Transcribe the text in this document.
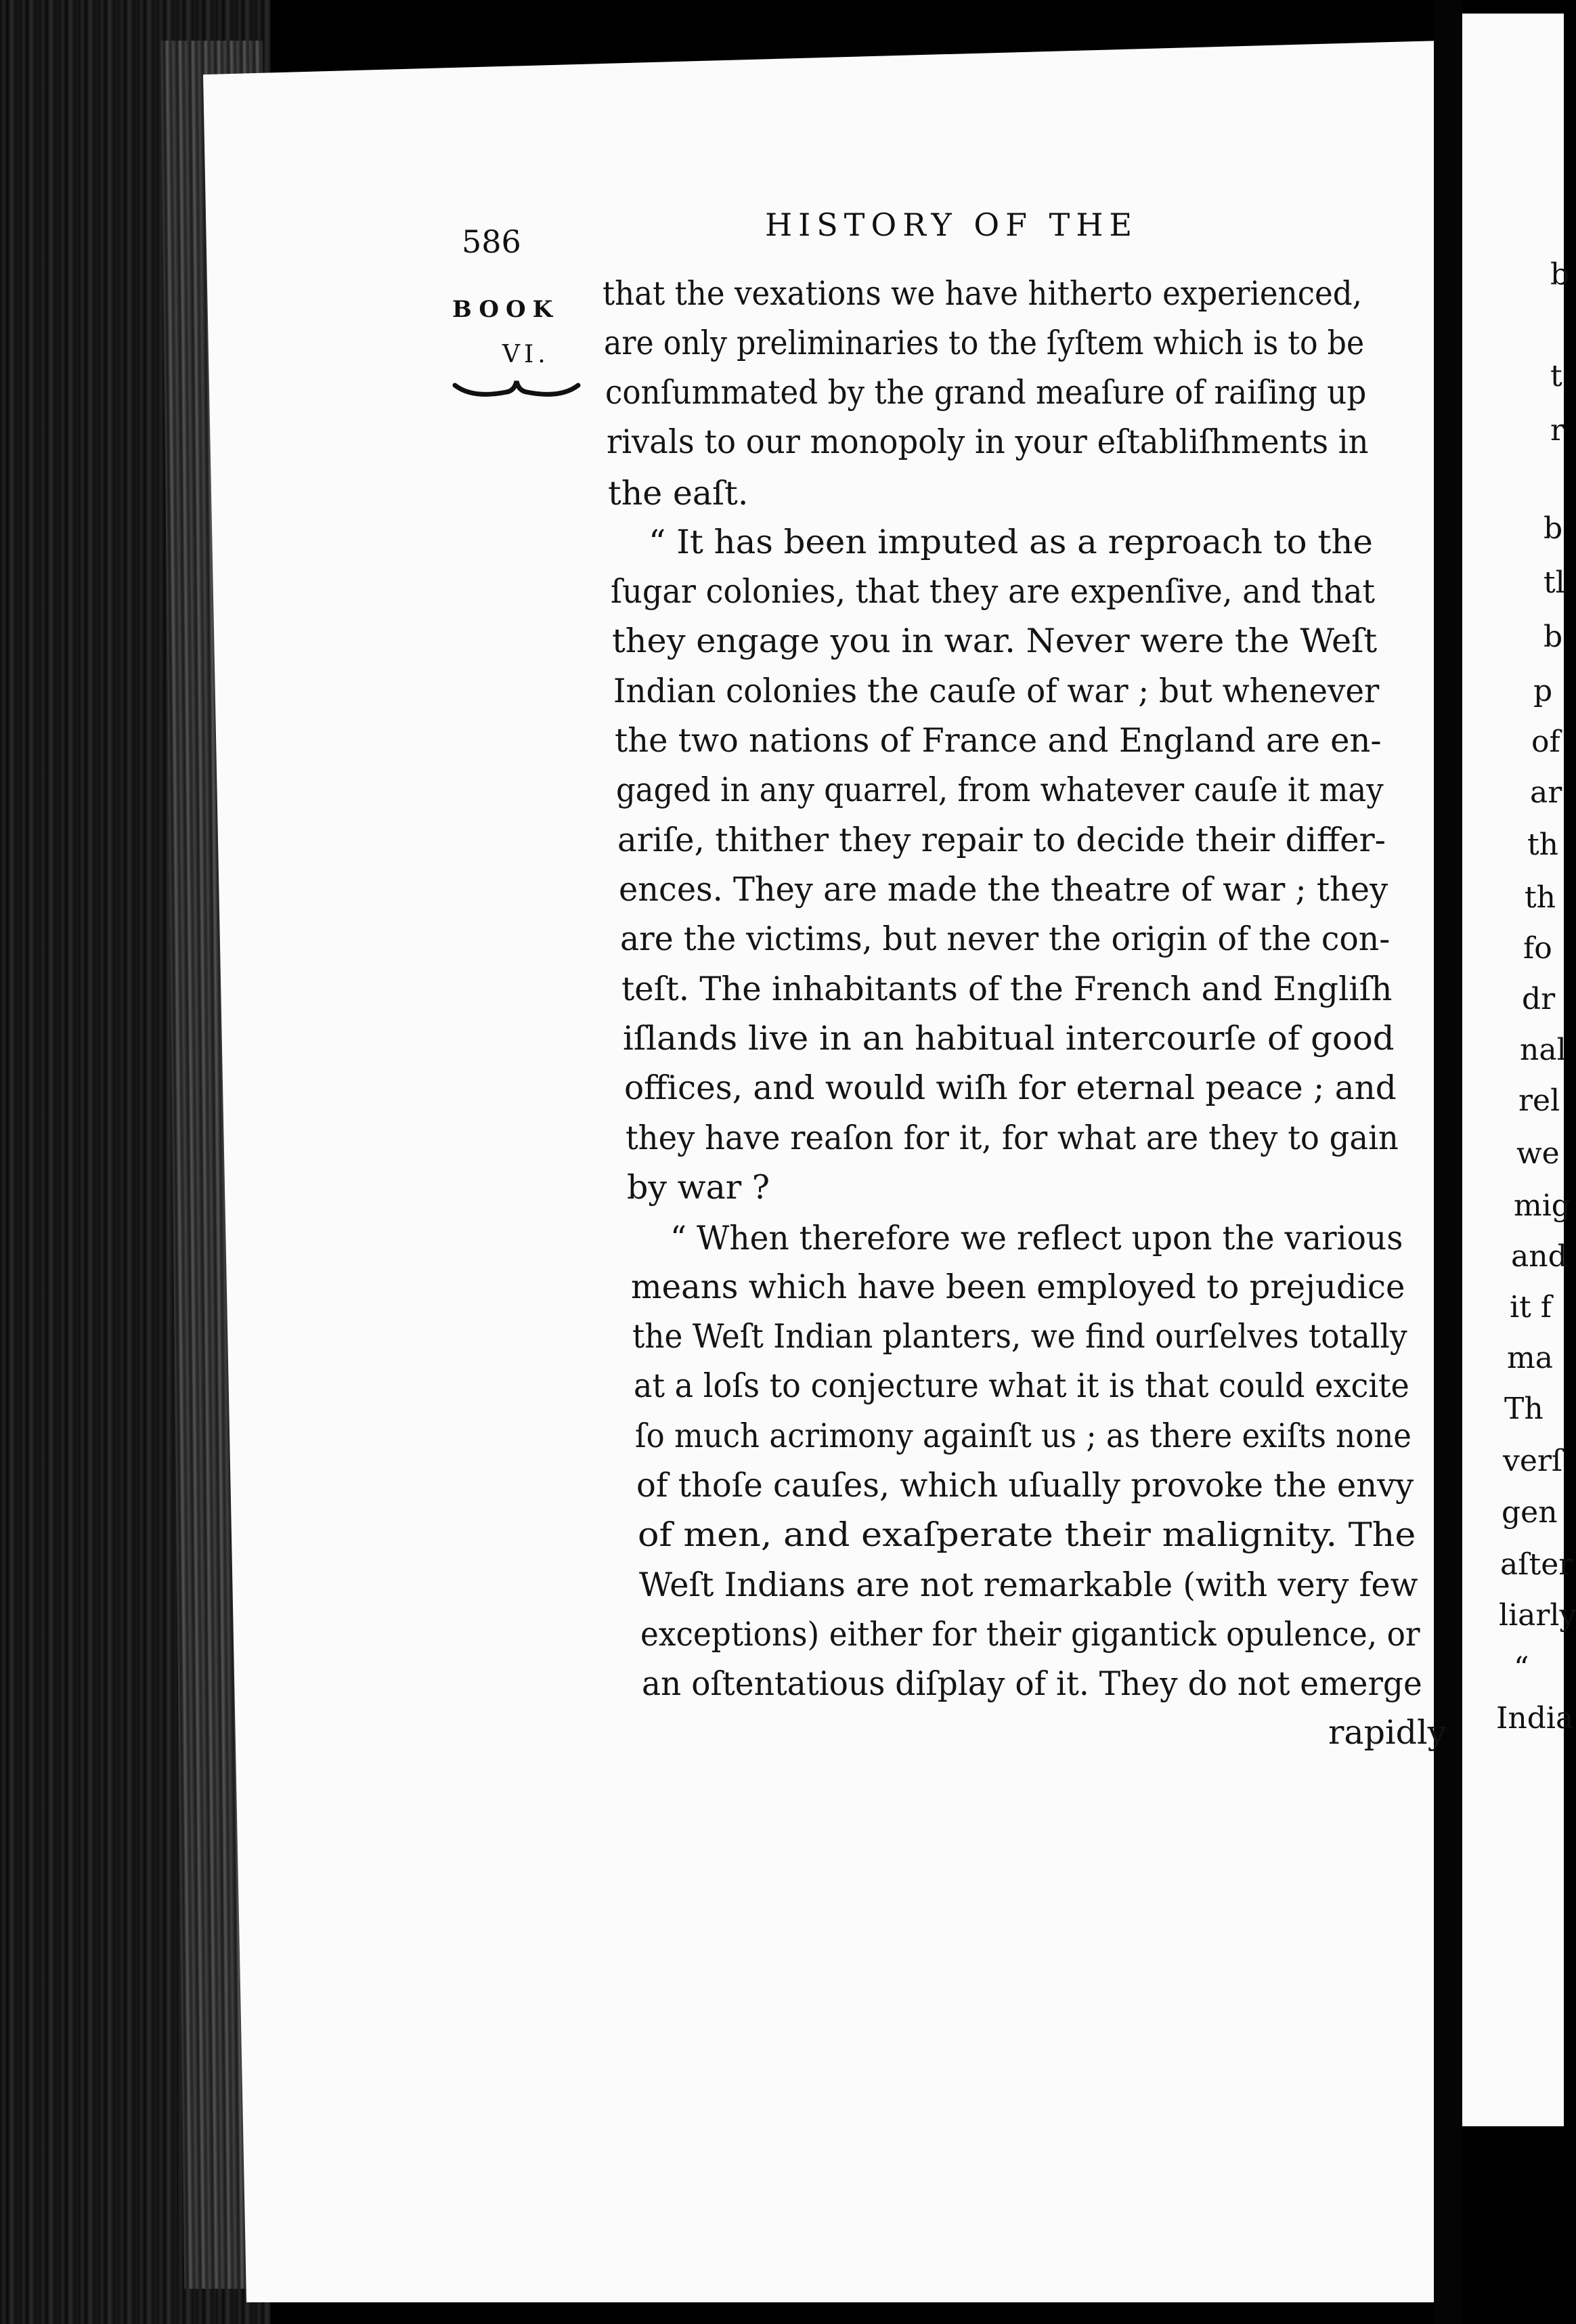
586	HISTORY OF THE
BOOK
VI.
that the vexations we have hitherto experienced,
are only preliminaries to the ſyſtem which is to be
conſummated by the grand meaſure of raiſing up
rivals to our monopoly in your eſtabliſhments in
the eaſt.
“ It has been imputed as a reproach to the
ſugar colonies, that they are expenſive, and that
they engage you in war. Never were the Weſt
Indian colonies the cauſe of war ; but whenever
the two nations of France and England are en-
gaged in any quarrel, from whatever cauſe it may
ariſe, thither they repair to decide their differ-
ences. They are made the theatre of war ; they
are the victims, but never the origin of the con-
teſt. The inhabitants of the French and Engliſh
iſlands live in an habitual intercourſe of good
offices, and would wiſh for eternal peace ; and
they have reaſon for it, for what are they to gain
by war ?
“ When therefore we reflect upon the various
means which have been employed to prejudice
the Weſt Indian planters, we find ourſelves totally
at a loſs to conjecture what it is that could excite
ſo much acrimony againſt us ; as there exiſts none
of thoſe cauſes, which uſually provoke the envy
of men, and exaſperate their malignity. The
Weſt Indians are not remarkable (with very few
exceptions) either for their gigantick opulence, or
an oſtentatious diſplay of it. They do not emerge
rapidly
b
t
r
b
tl
b
p
of
ar
th
th
fo
dr
nal
rel
we
mig
and
it f
ma
Th
verſ
gen
aſter
liarly
“
India
